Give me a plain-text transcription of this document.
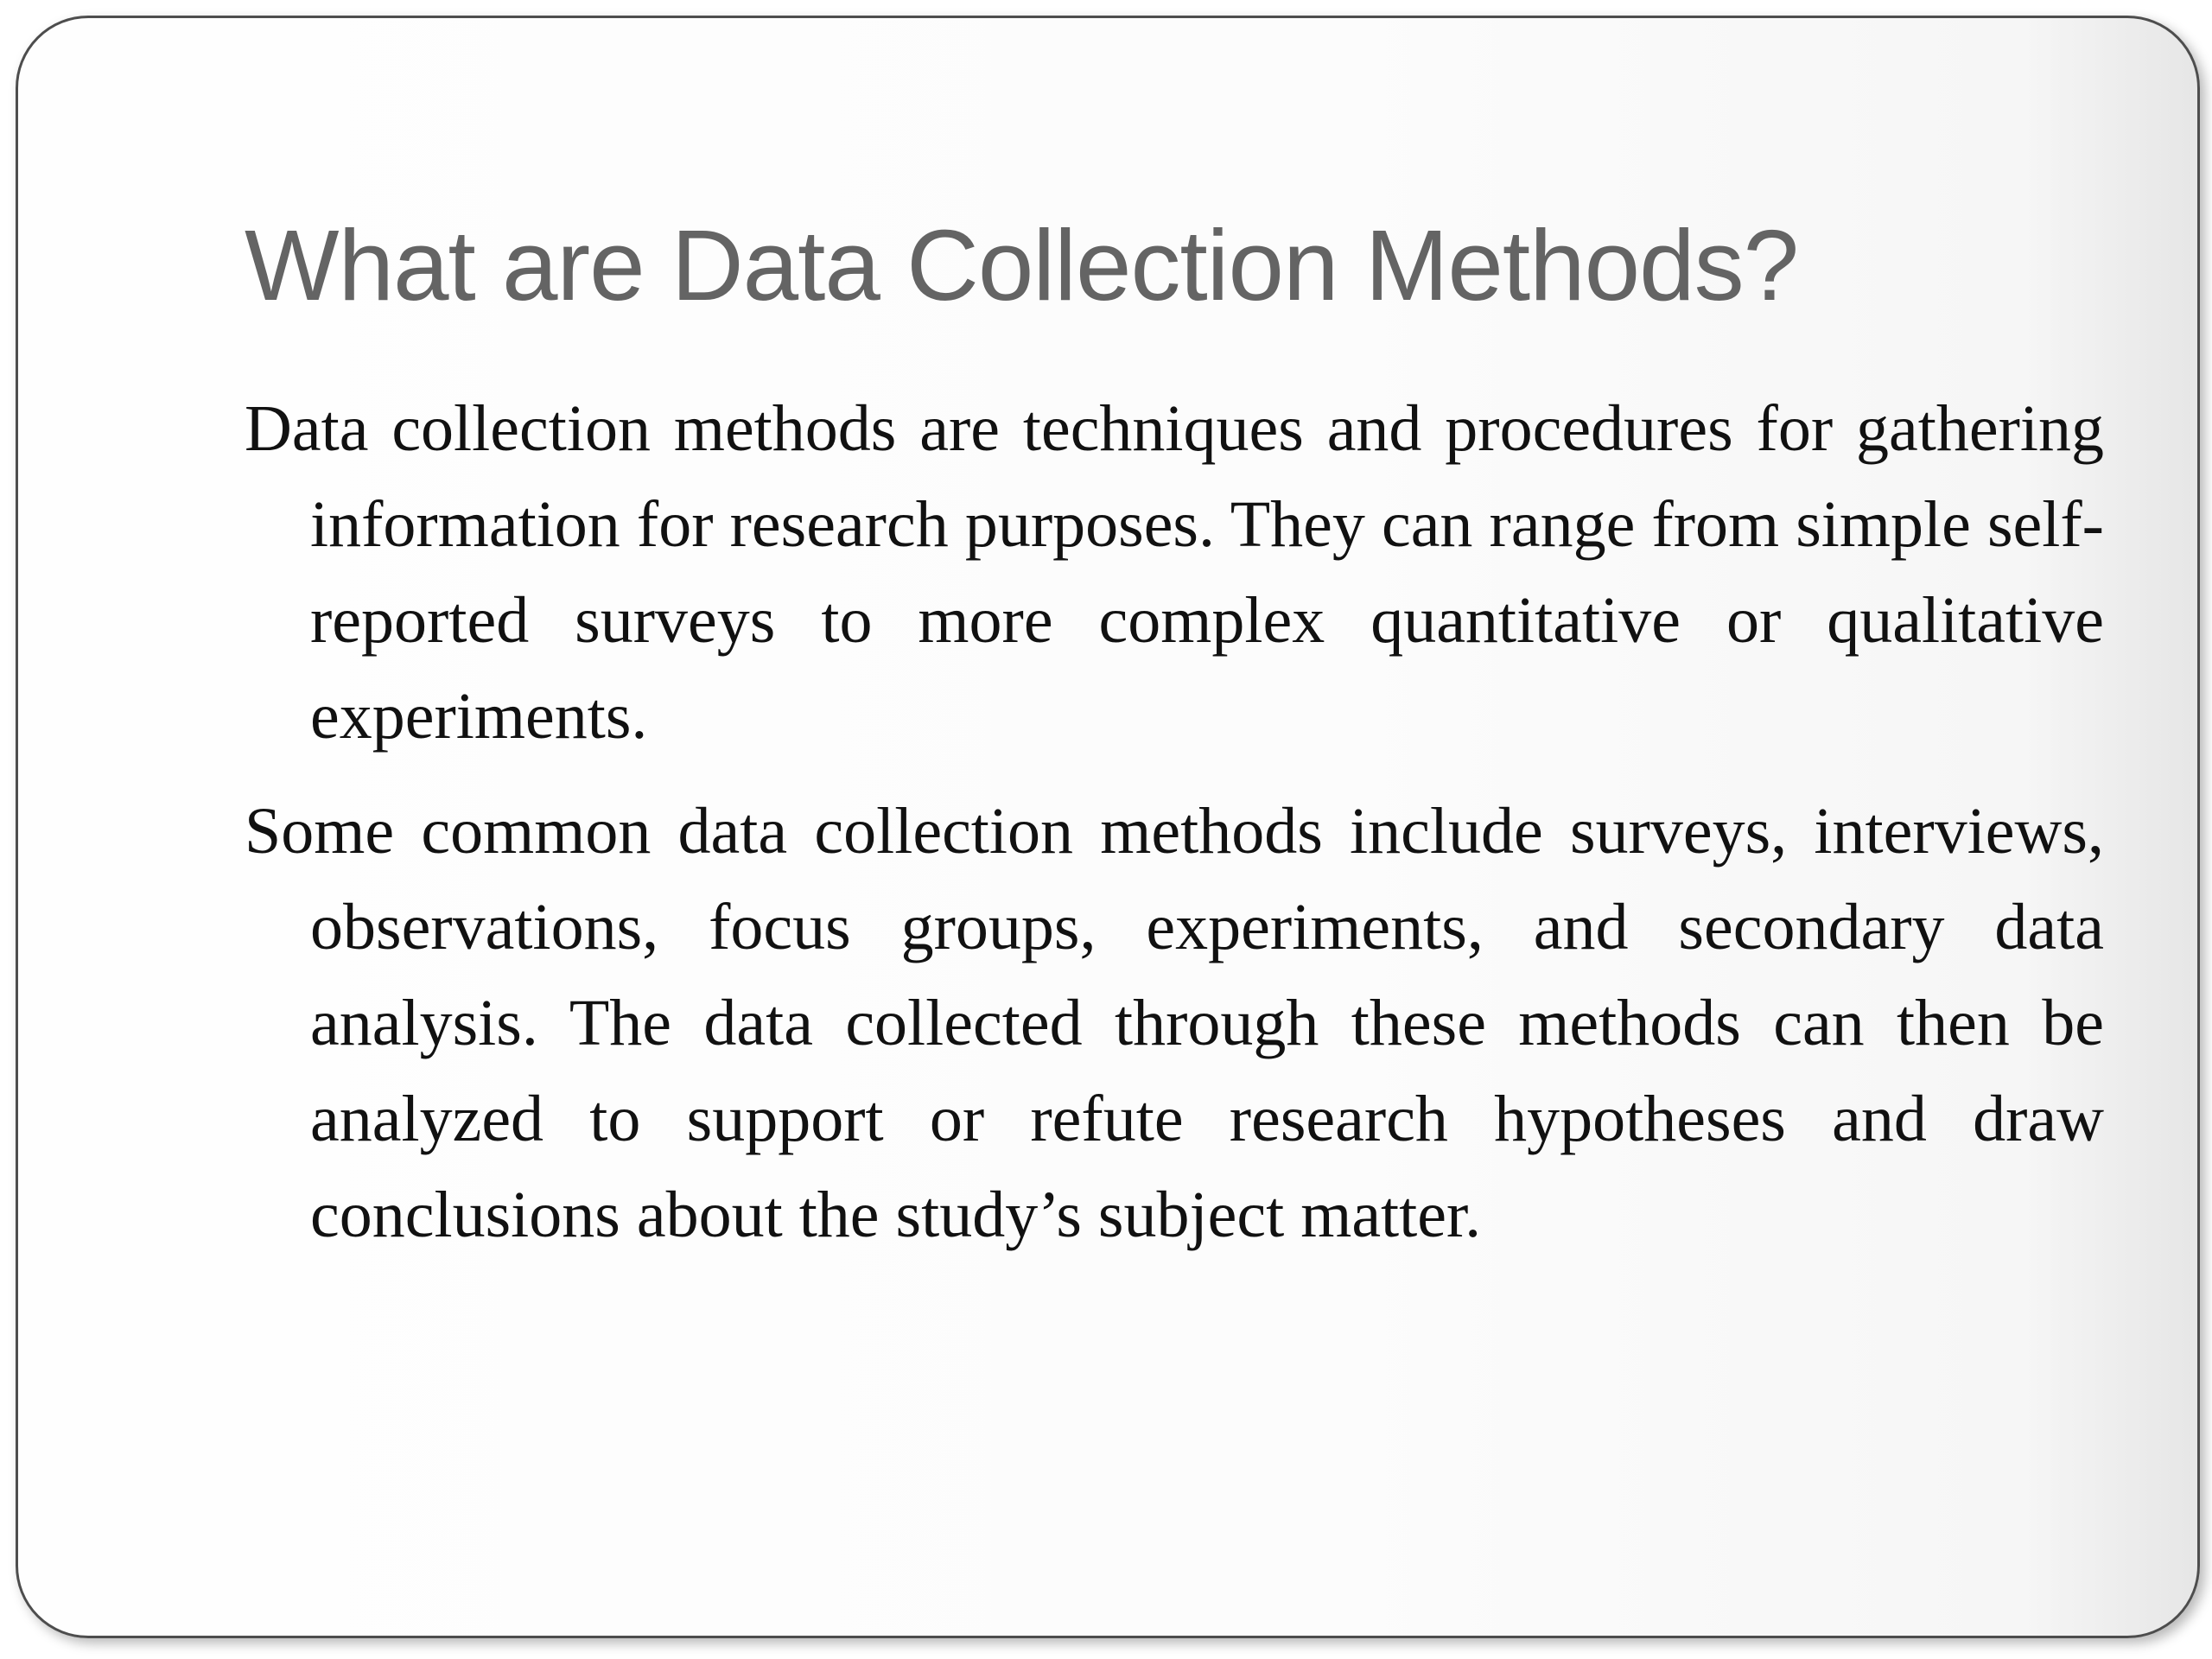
What are Data Collection Methods?

Data collection methods are techniques and procedures for gathering information for research purposes. They can range from simple self-reported surveys to more complex quantitative or qualitative experiments.

Some common data collection methods include surveys, interviews, observations, focus groups, experiments, and secondary data analysis. The data collected through these methods can then be analyzed to support or refute research hypotheses and draw conclusions about the study’s subject matter.
